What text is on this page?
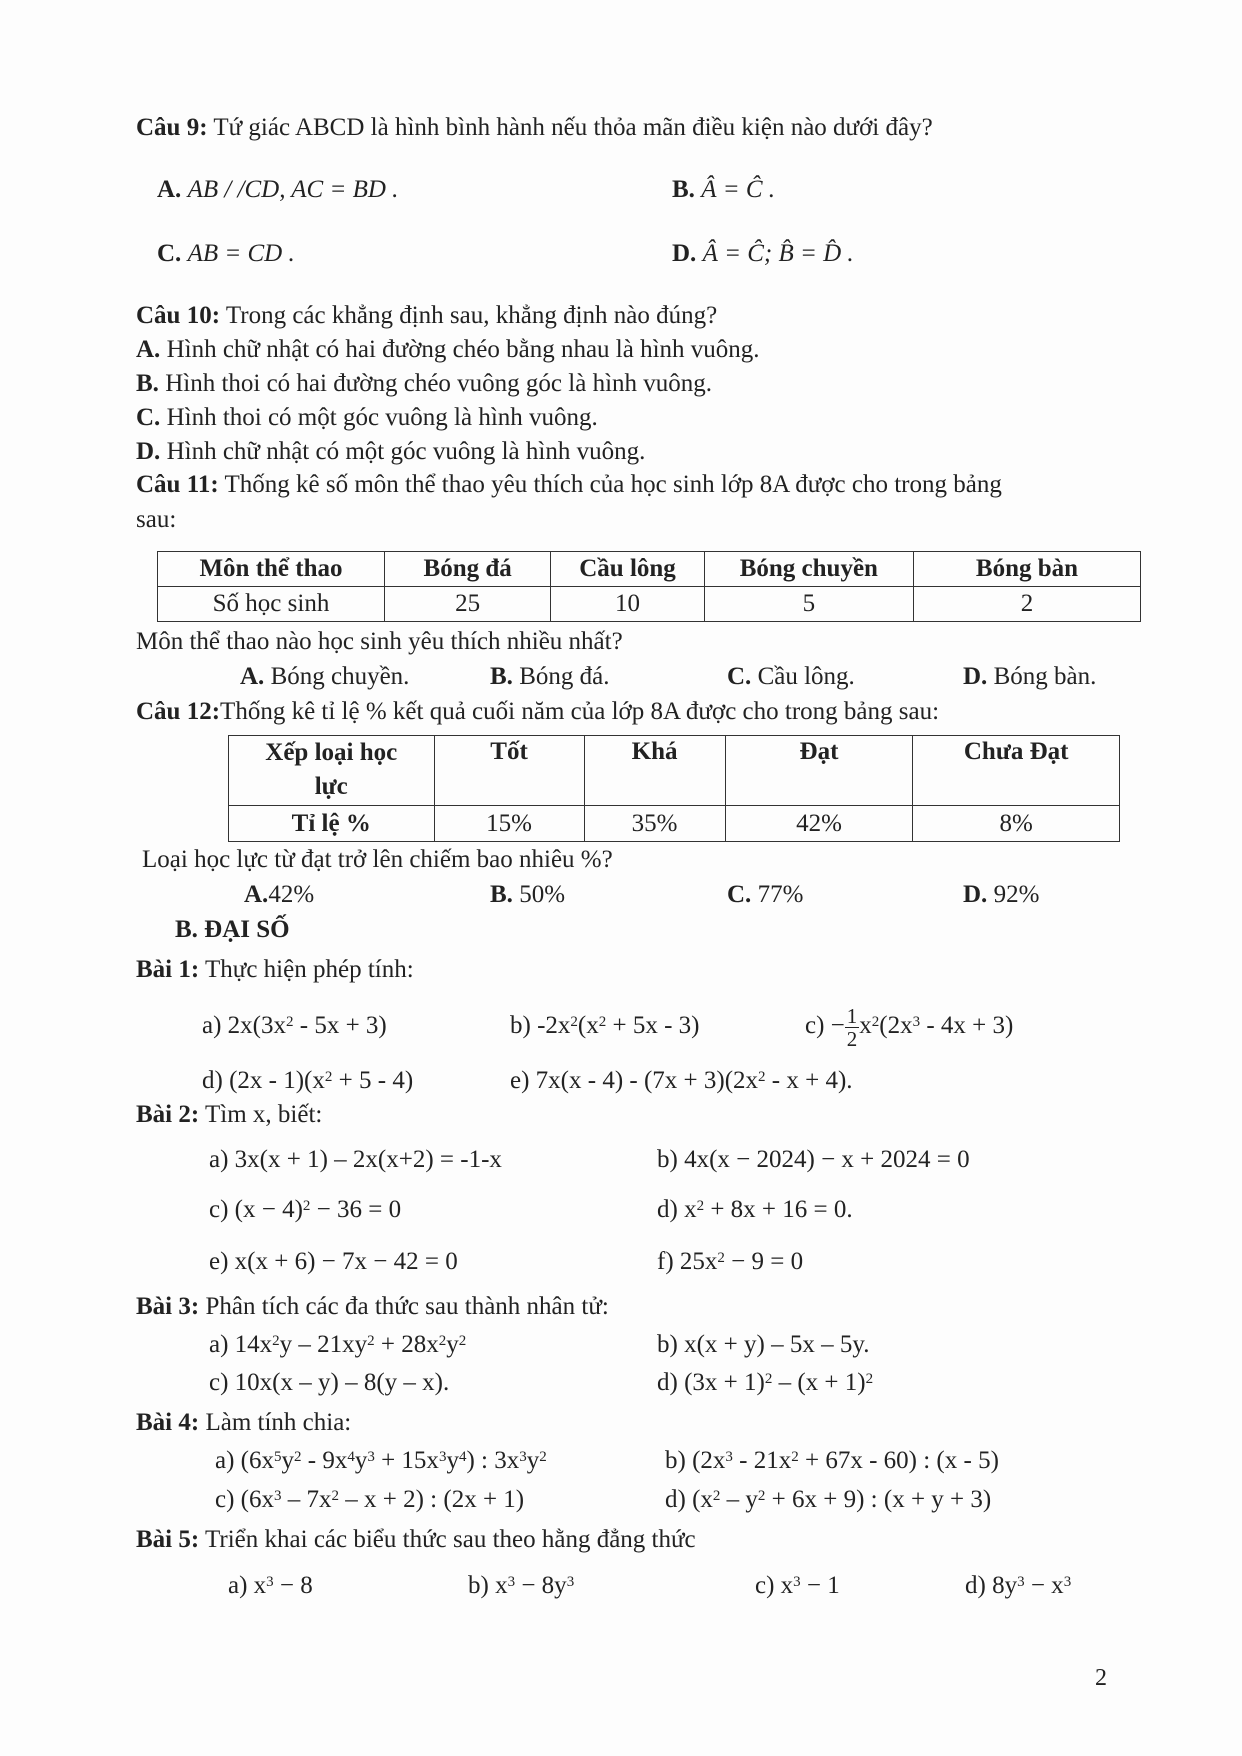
Câu 9: Tứ giác ABCD là hình bình hành nếu thỏa mãn điều kiện nào dưới đây?
A. AB / /CD, AC = BD .	B. Â = Ĉ .
C. AB = CD .	D. Â = Ĉ; B̂ = D̂ .
Câu 10: Trong các khẳng định sau, khẳng định nào đúng?
A. Hình chữ nhật có hai đường chéo bằng nhau là hình vuông.
B. Hình thoi có hai đường chéo vuông góc là hình vuông.
C. Hình thoi có một góc vuông là hình vuông.
D. Hình chữ nhật có một góc vuông là hình vuông.
Câu 11: Thống kê số môn thể thao yêu thích của học sinh lớp 8A được cho trong bảng
sau:
Môn thể thao	Bóng đá	Cầu lông	Bóng chuyền	Bóng bàn
Số học sinh	25	10	5	2
Môn thể thao nào học sinh yêu thích nhiều nhất?
A. Bóng chuyền.	B. Bóng đá.	C. Cầu lông.	D. Bóng bàn.
Câu 12:Thống kê tỉ lệ % kết quả cuối năm của lớp 8A được cho trong bảng sau:
Xếp loại học
lực	Tốt	Khá	Đạt	Chưa Đạt
Tỉ lệ %	15%	35%	42%	8%
Loại học lực từ đạt trở lên chiếm bao nhiêu %?
A.42%	B. 50%	C. 77%	D. 92%
B. ĐẠI SỐ
Bài 1: Thực hiện phép tính:
a) $2x(3x^2 - 5x + 3)$	b) $-2x^2(x^2 + 5x - 3)$	$c) - \frac{1}{2} x^2(2x^3 - 4x + 3)$
d) $(2x - 1)(x^2 + 5 - 4)$	e) $7x(x - 4) - (7x + 3)(2x^2 - x + 4)$.
Bài 2: Tìm x, biết:
a) 3x(x + 1) – 2x(x+2) = -1-x	b) 4x(x − 2024) − x + 2024 = 0
c) $(x - 4)^2 - 36 = 0$	d) $x^2 + 8x + 16 = 0$.
e) x(x + 6) − 7x − 42 = 0	f) $25x^2 - 9 = 0$
Bài 3: Phân tích các đa thức sau thành nhân tử:
a) $14x^2y - 21xy^2 + 28x^2y^2$	b) x(x + y) – 5x – 5y.
c) 10x(x – y) – 8(y – x).	d) $(3x + 1)^2 - (x + 1)^2$
Bài 4: Làm tính chia:
a) $(6x^5y^2 - 9x^4y^3 + 15x^3y^4)$ : $3x^3y^2$	b) $(2x^3 - 21x^2 + 67x - 60)$ : (x - 5)
c) $(6x^3 - 7x^2 - x + 2)$ : (2x + 1)	d) $(x^2 - y^2 + 6x + 9)$ : (x + y + 3)
Bài 5: Triển khai các biểu thức sau theo hằng đẳng thức
a) $x^3 - 8$	b) $x^3 - 8y^3$	c) $x^3 - 1$	d) $8y^3 - x^3$
2
